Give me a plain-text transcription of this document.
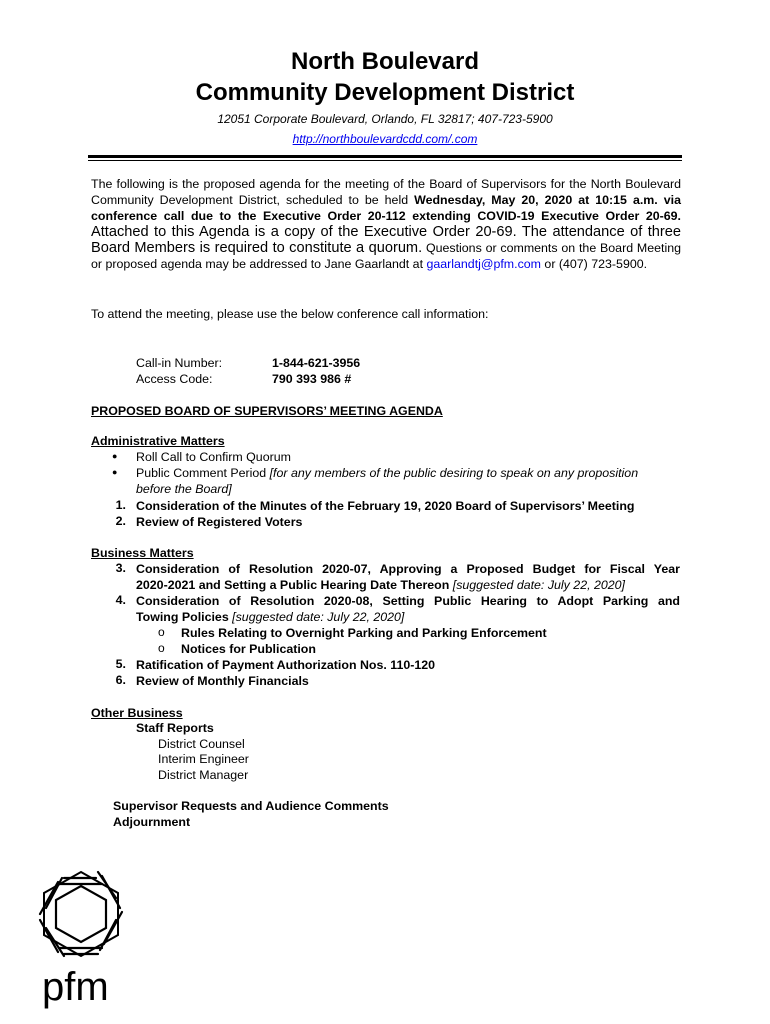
North Boulevard
Community Development District
12051 Corporate Boulevard, Orlando, FL 32817; 407-723-5900
http://northboulevardcdd.com/.com
The following is the proposed agenda for the meeting of the Board of Supervisors for the North Boulevard Community Development District, scheduled to be held Wednesday, May 20, 2020 at 10:15 a.m. via conference call due to the Executive Order 20-112 extending COVID-19 Executive Order 20-69. Attached to this Agenda is a copy of the Executive Order 20-69. The attendance of three Board Members is required to constitute a quorum. Questions or comments on the Board Meeting or proposed agenda may be addressed to Jane Gaarlandt at gaarlandtj@pfm.com or (407) 723-5900.
To attend the meeting, please use the below conference call information:
Call-in Number:	1-844-621-3956
Access Code:	790 393 986 #
PROPOSED BOARD OF SUPERVISORS’ MEETING AGENDA
Administrative Matters
● Roll Call to Confirm Quorum
● Public Comment Period [for any members of the public desiring to speak on any proposition
before the Board]
1. Consideration of the Minutes of the February 19, 2020 Board of Supervisors’ Meeting
2. Review of Registered Voters
Business Matters
3. Consideration of Resolution 2020-07, Approving a Proposed Budget for Fiscal Year
2020-2021 and Setting a Public Hearing Date Thereon [suggested date: July 22, 2020]
4. Consideration of Resolution 2020-08, Setting Public Hearing to Adopt Parking and
Towing Policies [suggested date: July 22, 2020]
o Rules Relating to Overnight Parking and Parking Enforcement
o Notices for Publication
5. Ratification of Payment Authorization Nos. 110-120
6. Review of Monthly Financials
Other Business
Staff Reports
District Counsel
Interim Engineer
District Manager
Supervisor Requests and Audience Comments
Adjournment
pfm
